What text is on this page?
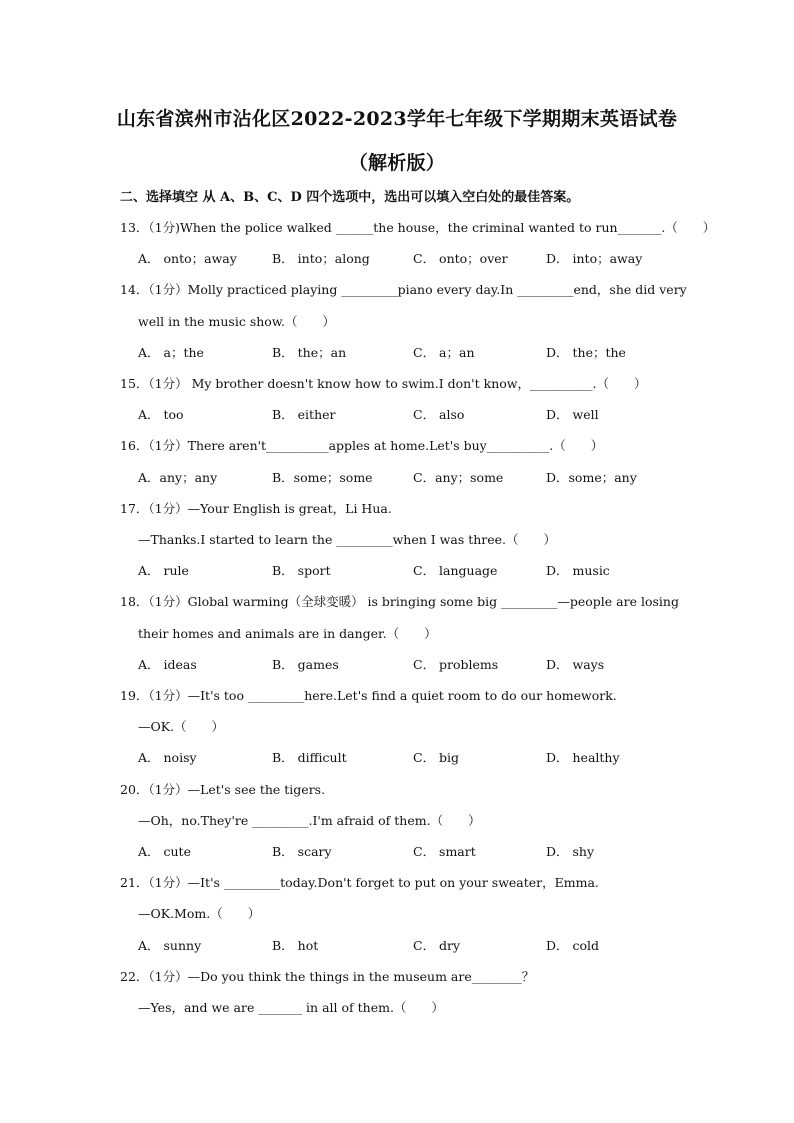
山东省滨州市沾化区2022-2023学年七年级下学期期末英语试卷
（解析版）
二、选择填空 从 A、B、C、D 四个选项中，选出可以填入空白处的最佳答案。
13．（1分)When the police walked ______the house，the criminal wanted to run_______.（　　）
A． onto；away	B． into；along	C． onto；over	D． into；away
14．（1分）Molly practiced playing _________piano every day.In _________end，she did very
well in the music show.（　　）
A． a；the	B． the；an	C． a；an	D． the；the
15．（1分） My brother doesn't know how to swim.I don't know，__________.（　　）
A． too	B． either	C． also	D． well
16．（1分）There aren't__________apples at home.Let's buy__________.（　　）
A．any；any	B．some；some	C．any；some	D．some；any
17．（1分）—Your English is great，Li Hua.
—Thanks.I started to learn the _________when I was three.（　　）
A． rule	B． sport	C． language	D． music
18．（1分）Global warming（全球变暖） is bringing some big _________—people are losing
their homes and animals are in danger.（　　）
A． ideas	B． games	C． problems	D． ways
19．（1分）—It's too _________here.Let's find a quiet room to do our homework.
—OK.（　　）
A． noisy	B． difficult	C． big	D． healthy
20．（1分）—Let's see the tigers.
—Oh，no.They're _________.I'm afraid of them.（　　）
A． cute	B． scary	C． smart	D． shy
21．（1分）—It's _________today.Don't forget to put on your sweater，Emma.
—OK.Mom.（　　）
A． sunny	B． hot	C． dry	D． cold
22．（1分）—Do you think the things in the museum are________？
—Yes，and we are _______ in all of them.（　　）
